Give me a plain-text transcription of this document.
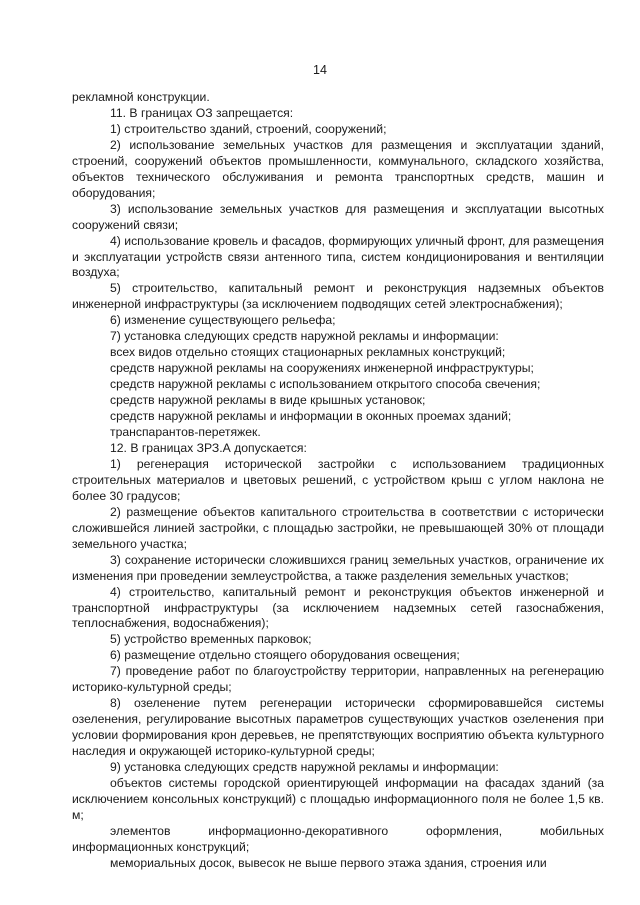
14

рекламной конструкции.

11. В границах ОЗ запрещается:

1) строительство зданий, строений, сооружений;

2) использование земельных участков для размещения и эксплуатации зданий, строений, сооружений объектов промышленности, коммунального, складского хозяйства, объектов технического обслуживания и ремонта транспортных средств, машин и оборудования;

3) использование земельных участков для размещения и эксплуатации высотных сооружений связи;

4) использование кровель и фасадов, формирующих уличный фронт, для размещения и эксплуатации устройств связи антенного типа, систем кондиционирования и вентиляции воздуха;

5) строительство, капитальный ремонт и реконструкция надземных объектов инженерной инфраструктуры (за исключением подводящих сетей электроснабжения);

6) изменение существующего рельефа;

7) установка следующих средств наружной рекламы и информации:

всех видов отдельно стоящих стационарных рекламных конструкций;

средств наружной рекламы на сооружениях инженерной инфраструктуры;

средств наружной рекламы с использованием открытого способа свечения;

средств наружной рекламы в виде крышных установок;

средств наружной рекламы и информации в оконных проемах зданий;

транспарантов-перетяжек.

12. В границах ЗРЗ.А допускается:

1) регенерация исторической застройки с использованием традиционных строительных материалов и цветовых решений, с устройством крыш с углом наклона не более 30 градусов;

2) размещение объектов капитального строительства в соответствии с исторически сложившейся линией застройки, с площадью застройки, не превышающей 30% от площади земельного участка;

3) сохранение исторически сложившихся границ земельных участков, ограничение их изменения при проведении землеустройства, а также разделения земельных участков;

4) строительство, капитальный ремонт и реконструкция объектов инженерной и транспортной инфраструктуры (за исключением надземных сетей газоснабжения, теплоснабжения, водоснабжения);

5) устройство временных парковок;

6) размещение отдельно стоящего оборудования освещения;

7) проведение работ по благоустройству территории, направленных на регенерацию историко-культурной среды;

8) озеленение путем регенерации исторически сформировавшейся системы озеленения, регулирование высотных параметров существующих участков озеленения при условии формирования крон деревьев, не препятствующих восприятию объекта культурного наследия и окружающей историко-культурной среды;

9) установка следующих средств наружной рекламы и информации:

объектов системы городской ориентирующей информации на фасадах зданий (за исключением консольных конструкций) с площадью информационного поля не более 1,5 кв. м;

элементов информационно-декоративного оформления, мобильных информационных конструкций;

мемориальных досок, вывесок не выше первого этажа здания, строения или
